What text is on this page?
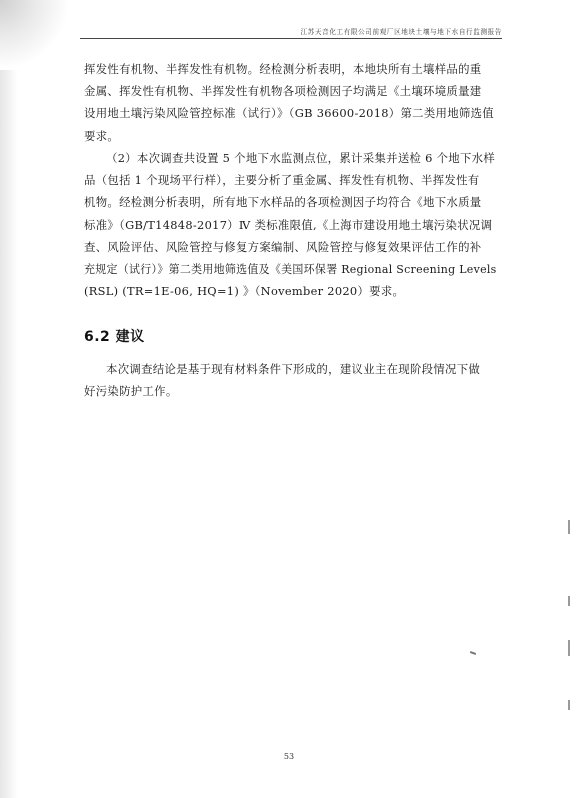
江苏天音化工有限公司前观厂区地块土壤与地下水自行监测报告
挥发性有机物、半挥发性有机物。经检测分析表明，本地块所有土壤样品的重
金属、挥发性有机物、半挥发性有机物各项检测因子均满足《土壤环境质量建
设用地土壤污染风险管控标准（试行）》（GB 36600-2018）第二类用地筛选值
要求。
（2）本次调查共设置 5 个地下水监测点位，累计采集并送检 6 个地下水样
品（包括 1 个现场平行样），主要分析了重金属、挥发性有机物、半挥发性有
机物。经检测分析表明，所有地下水样品的各项检测因子均符合《地下水质量
标准》（GB/T14848-2017）Ⅳ 类标准限值,《上海市建设用地土壤污染状况调
查、风险评估、风险管控与修复方案编制、风险管控与修复效果评估工作的补
充规定（试行）》第二类用地筛选值及《美国环保署 Regional Screening Levels
(RSL) (TR=1E-06, HQ=1) 》（November 2020）要求。
6.2 建议
本次调查结论是基于现有材料条件下形成的，建议业主在现阶段情况下做
好污染防护工作。
53
